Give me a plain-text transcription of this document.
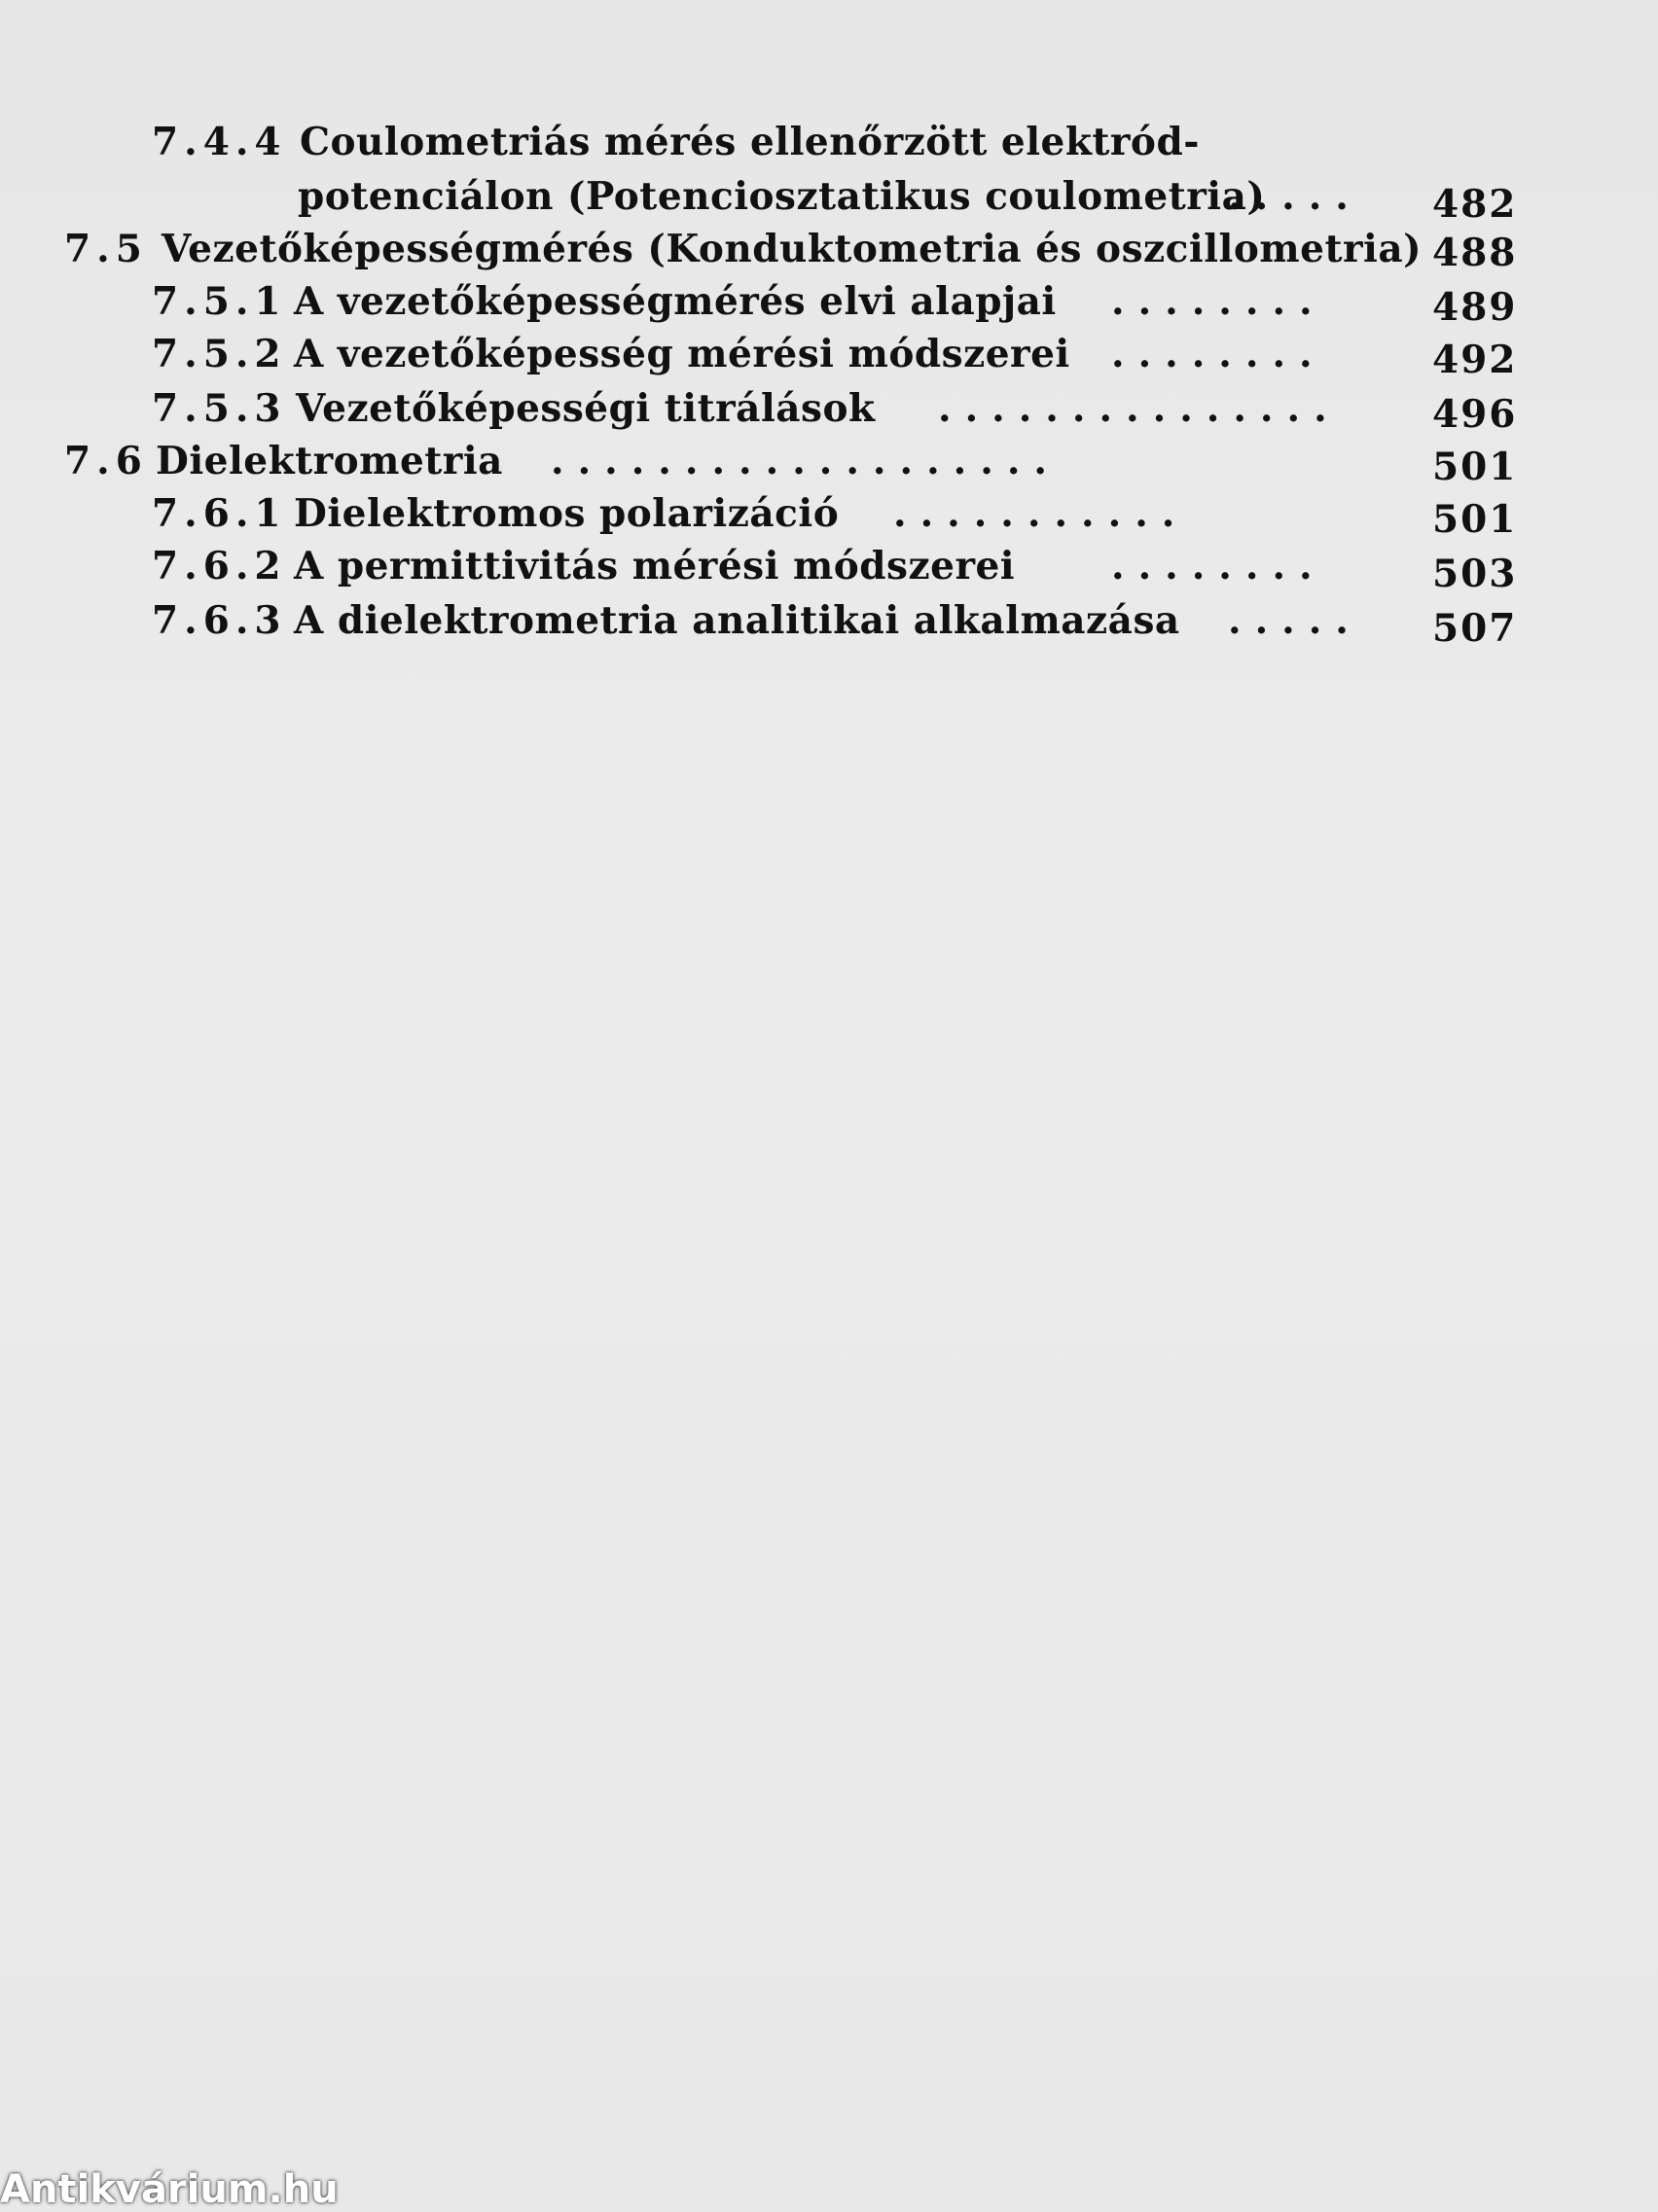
7.4.4 Coulometriás mérés ellenőrzött elektród-
potenciálon (Potenciosztatikus coulometria)
..... 482
7.5 Vezetőképességmérés (Konduktometria és oszcillometria) 488
7.5.1 A vezetőképességmérés elvi alapjai ........	489
7.5.2 A vezetőképesség mérési módszerei ........	492
7.5.3 Vezetőképességi titrálások ............... 496
7.6 Dielektrometria ...................	501
7.6.1 Dielektromos polarizáció ...........	501
7.6.2 A permittivitás mérési módszerei	........	503
7.6.3 A dielektrometria analitikai alkalmazása ..... 507
Antikvárium.hu
